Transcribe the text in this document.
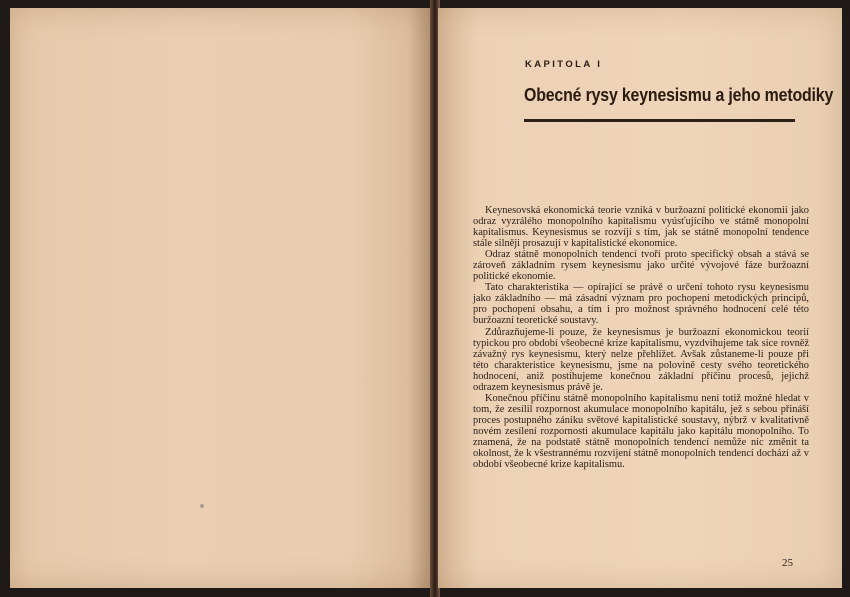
KAPITOLA I
Obecné rysy keynesismu a jeho metodiky

Keynesovská ekonomická teorie vzniká v buržoazní politické ekonomii jako odraz vyzrálého monopolního kapitalismu vyúsťujícího ve státně monopolní kapitalismus. Keynesismus se rozvíjí s tím, jak se státně monopolní tendence stále silněji prosazují v kapitalistické ekonomice.

Odraz státně monopolních tendencí tvoří proto specifický obsah a stává se zároveň základním rysem keynesismu jako určité vývojové fáze buržoazní politické ekonomie.

Tato charakteristika — opírající se právě o určení tohoto rysu keynesismu jako základního — má zásadní význam pro pochopení metodických principů, pro pochopení obsahu, a tím i pro možnost správného hodnocení celé této buržoazní teoretické soustavy.

Zdůrazňujeme-li pouze, že keynesismus je buržoazní ekonomickou teorií typickou pro období všeobecné krize kapitalismu, vyzdvihujeme tak sice rovněž závažný rys keynesismu, který nelze přehlížet. Avšak zůstaneme-li pouze při této charakteristice keynesismu, jsme na polovině cesty svého teoretického hodnocení, aniž postihujeme konečnou základní příčinu procesů, jejichž odrazem keynesismus právě je.

Konečnou příčinu státně monopolního kapitalismu není totiž možné hledat v tom, že zesílil rozpornost akumulace monopolního kapitálu, jež s sebou přináší proces postupného zániku světové kapitalistické soustavy, nýbrž v kvalitativně novém zesílení rozpornosti akumulace kapitálu jako kapitálu monopolního. To znamená, že na podstatě státně monopolních tendencí nemůže nic změnit ta okolnost, že k všestrannému rozvíjení státně monopolních tendencí dochází až v období všeobecné krize kapitalismu.

25
